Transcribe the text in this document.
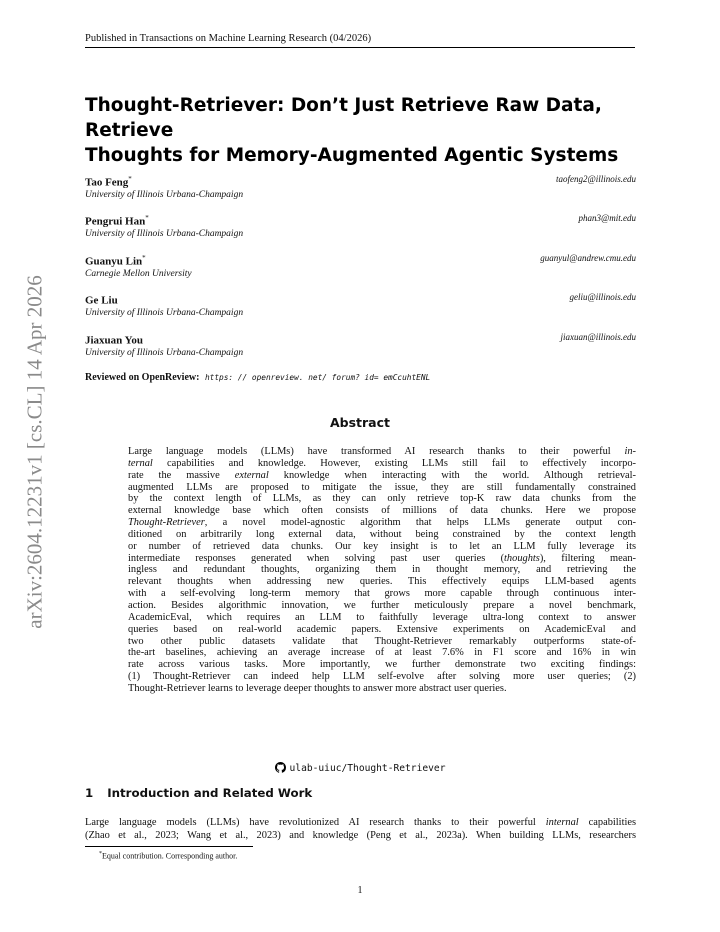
Published in Transactions on Machine Learning Research (04/2026)
Thought-Retriever: Don’t Just Retrieve Raw Data, Retrieve
Thoughts for Memory-Augmented Agentic Systems
Tao Feng*
University of Illinois Urbana-Champaign
taofeng2@illinois.edu
Pengrui Han*
University of Illinois Urbana-Champaign
phan3@mit.edu
Guanyu Lin*
Carnegie Mellon University
guanyul@andrew.cmu.edu
Ge Liu
University of Illinois Urbana-Champaign
geliu@illinois.edu
Jiaxuan You
University of Illinois Urbana-Champaign
jiaxuan@illinois.edu
Reviewed on OpenReview: https: // openreview. net/ forum? id= emCcuhtENL
Abstract
Large language models (LLMs) have transformed AI research thanks to their powerful in-
ternal capabilities and knowledge. However, existing LLMs still fail to effectively incorpo-
rate the massive external knowledge when interacting with the world. Although retrieval-
augmented LLMs are proposed to mitigate the issue, they are still fundamentally constrained
by the context length of LLMs, as they can only retrieve top-K raw data chunks from the
external knowledge base which often consists of millions of data chunks. Here we propose
Thought-Retriever, a novel model-agnostic algorithm that helps LLMs generate output con-
ditioned on arbitrarily long external data, without being constrained by the context length
or number of retrieved data chunks. Our key insight is to let an LLM fully leverage its
intermediate responses generated when solving past user queries (thoughts), filtering mean-
ingless and redundant thoughts, organizing them in thought memory, and retrieving the
relevant thoughts when addressing new queries. This effectively equips LLM-based agents
with a self-evolving long-term memory that grows more capable through continuous inter-
action. Besides algorithmic innovation, we further meticulously prepare a novel benchmark,
AcademicEval, which requires an LLM to faithfully leverage ultra-long context to answer
queries based on real-world academic papers. Extensive experiments on AcademicEval and
two other public datasets validate that Thought-Retriever remarkably outperforms state-of-
the-art baselines, achieving an average increase of at least 7.6% in F1 score and 16% in win
rate across various tasks. More importantly, we further demonstrate two exciting findings:
(1) Thought-Retriever can indeed help LLM self-evolve after solving more user queries; (2)
Thought-Retriever learns to leverage deeper thoughts to answer more abstract user queries.
ulab-uiuc/Thought-Retriever
1 Introduction and Related Work
Large language models (LLMs) have revolutionized AI research thanks to their powerful internal capabilities
(Zhao et al., 2023; Wang et al., 2023) and knowledge (Peng et al., 2023a). When building LLMs, researchers
*Equal contribution. Corresponding author.
1
arXiv:2604.12231v1 [cs.CL] 14 Apr 2026
